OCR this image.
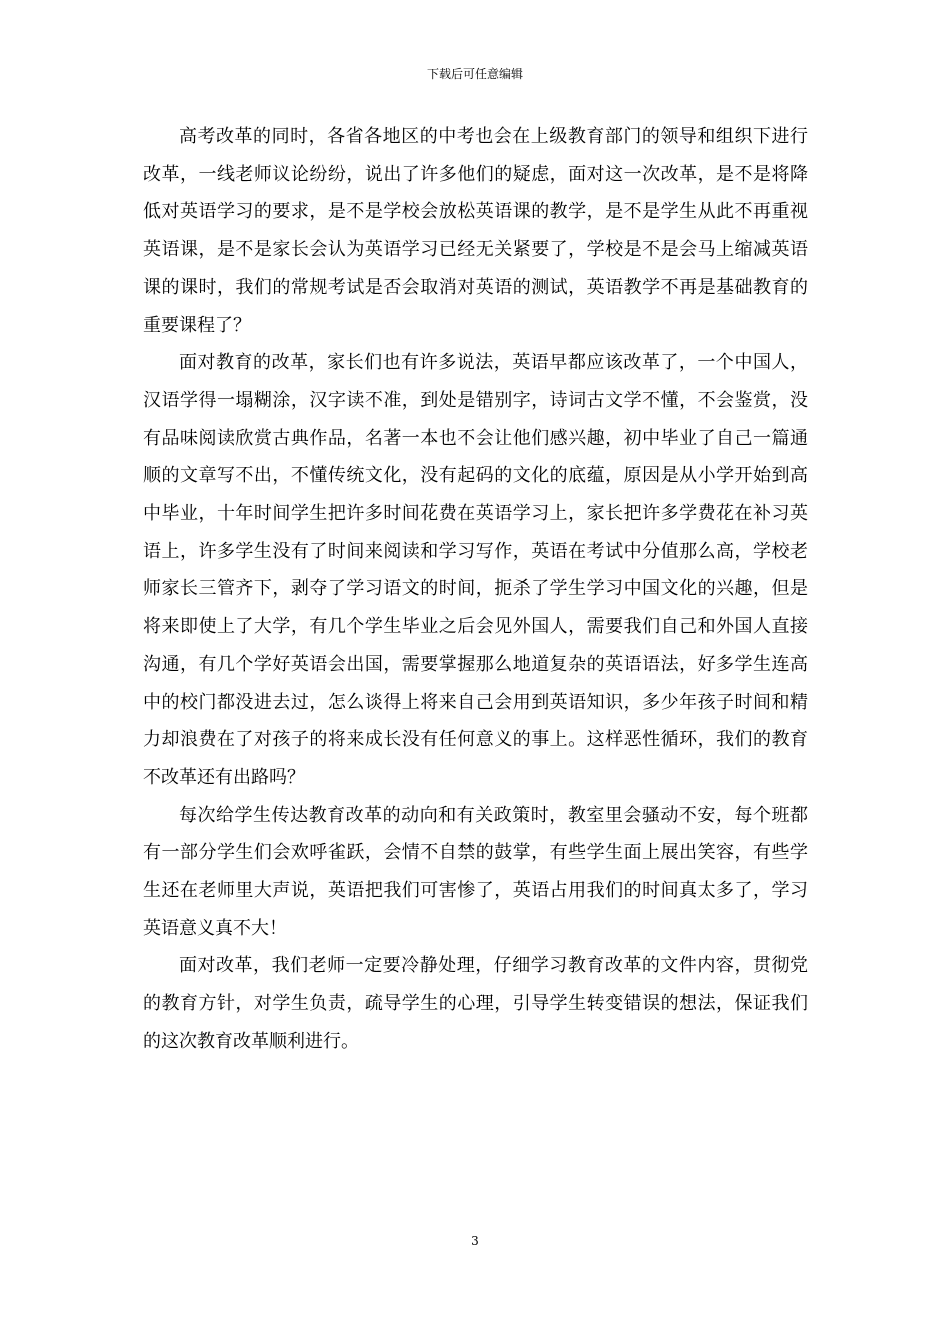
下载后可任意编辑

高考改革的同时，各省各地区的中考也会在上级教育部门的领导和组织下进行改革，一线老师议论纷纷，说出了许多他们的疑虑，面对这一次改革，是不是将降低对英语学习的要求，是不是学校会放松英语课的教学，是不是学生从此不再重视英语课，是不是家长会认为英语学习已经无关紧要了，学校是不是会马上缩减英语课的课时，我们的常规考试是否会取消对英语的测试，英语教学不再是基础教育的重要课程了？

面对教育的改革，家长们也有许多说法，英语早都应该改革了，一个中国人，汉语学得一塌糊涂，汉字读不准，到处是错别字，诗词古文学不懂，不会鉴赏，没有品味阅读欣赏古典作品，名著一本也不会让他们感兴趣，初中毕业了自己一篇通顺的文章写不出，不懂传统文化，没有起码的文化的底蕴，原因是从小学开始到高中毕业，十年时间学生把许多时间花费在英语学习上，家长把许多学费花在补习英语上，许多学生没有了时间来阅读和学习写作，英语在考试中分值那么高，学校老师家长三管齐下，剥夺了学习语文的时间，扼杀了学生学习中国文化的兴趣，但是将来即使上了大学，有几个学生毕业之后会见外国人，需要我们自己和外国人直接沟通，有几个学好英语会出国，需要掌握那么地道复杂的英语语法，好多学生连高中的校门都没进去过，怎么谈得上将来自己会用到英语知识，多少年孩子时间和精力却浪费在了对孩子的将来成长没有任何意义的事上。这样恶性循环，我们的教育不改革还有出路吗？

每次给学生传达教育改革的动向和有关政策时，教室里会骚动不安，每个班都有一部分学生们会欢呼雀跃，会情不自禁的鼓掌，有些学生面上展出笑容，有些学生还在老师里大声说，英语把我们可害惨了，英语占用我们的时间真太多了，学习英语意义真不大！

面对改革，我们老师一定要冷静处理，仔细学习教育改革的文件内容，贯彻党的教育方针，对学生负责，疏导学生的心理，引导学生转变错误的想法，保证我们的这次教育改革顺利进行。

3
